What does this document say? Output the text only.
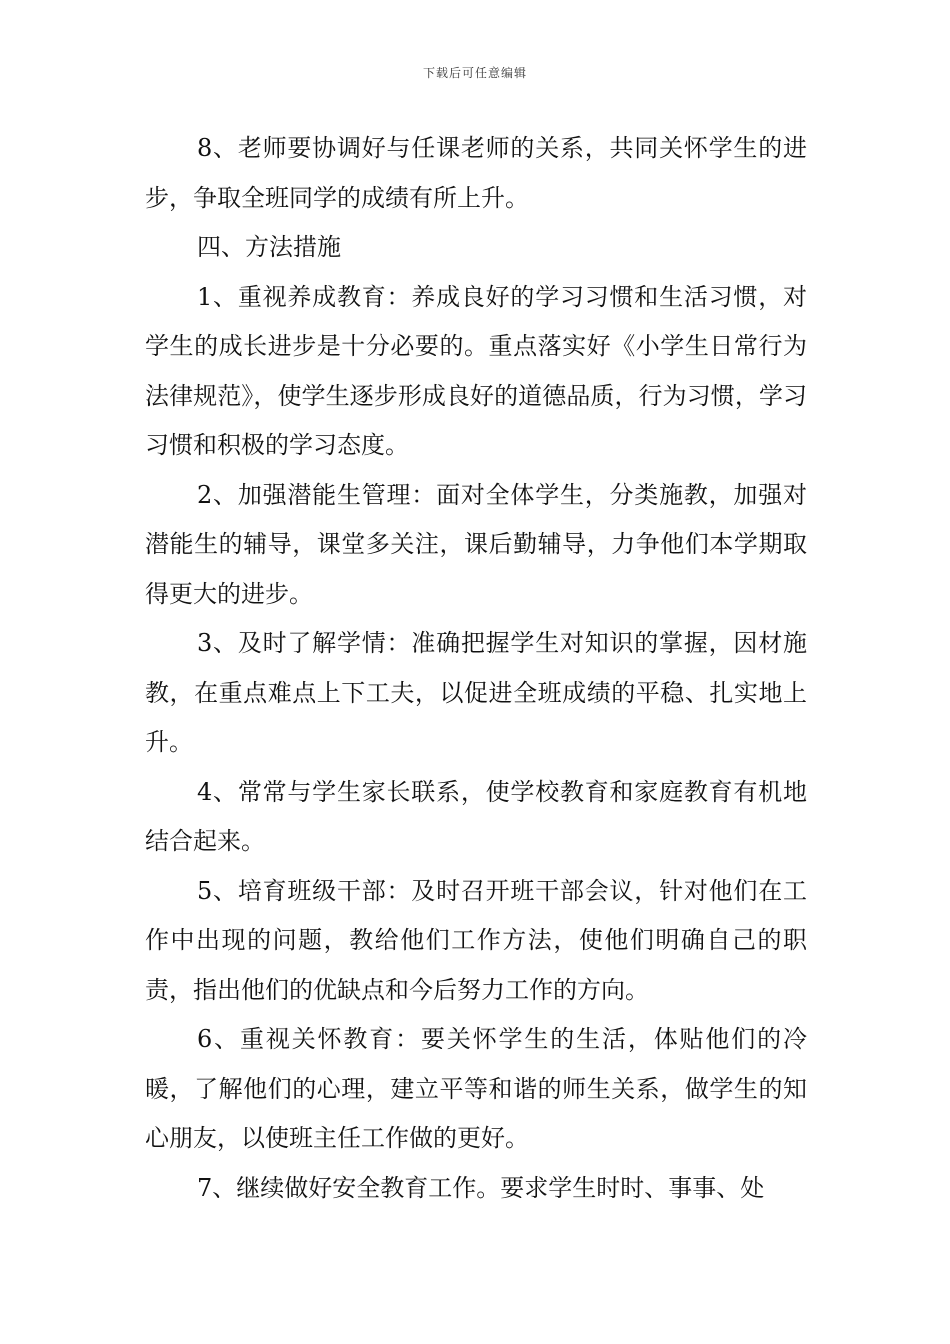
下载后可任意编辑

8、老师要协调好与任课老师的关系，共同关怀学生的进步，争取全班同学的成绩有所上升。

四、方法措施

1、重视养成教育：养成良好的学习习惯和生活习惯，对学生的成长进步是十分必要的。重点落实好《小学生日常行为法律规范》，使学生逐步形成良好的道德品质，行为习惯，学习习惯和积极的学习态度。

2、加强潜能生管理：面对全体学生，分类施教，加强对潜能生的辅导，课堂多关注，课后勤辅导，力争他们本学期取得更大的进步。

3、及时了解学情：准确把握学生对知识的掌握，因材施教，在重点难点上下工夫，以促进全班成绩的平稳、扎实地上升。

4、常常与学生家长联系，使学校教育和家庭教育有机地结合起来。

5、培育班级干部：及时召开班干部会议，针对他们在工作中出现的问题，教给他们工作方法，使他们明确自己的职责，指出他们的优缺点和今后努力工作的方向。

6、重视关怀教育：要关怀学生的生活，体贴他们的冷暖，了解他们的心理，建立平等和谐的师生关系，做学生的知心朋友，以使班主任工作做的更好。

7、继续做好安全教育工作。要求学生时时、事事、处
